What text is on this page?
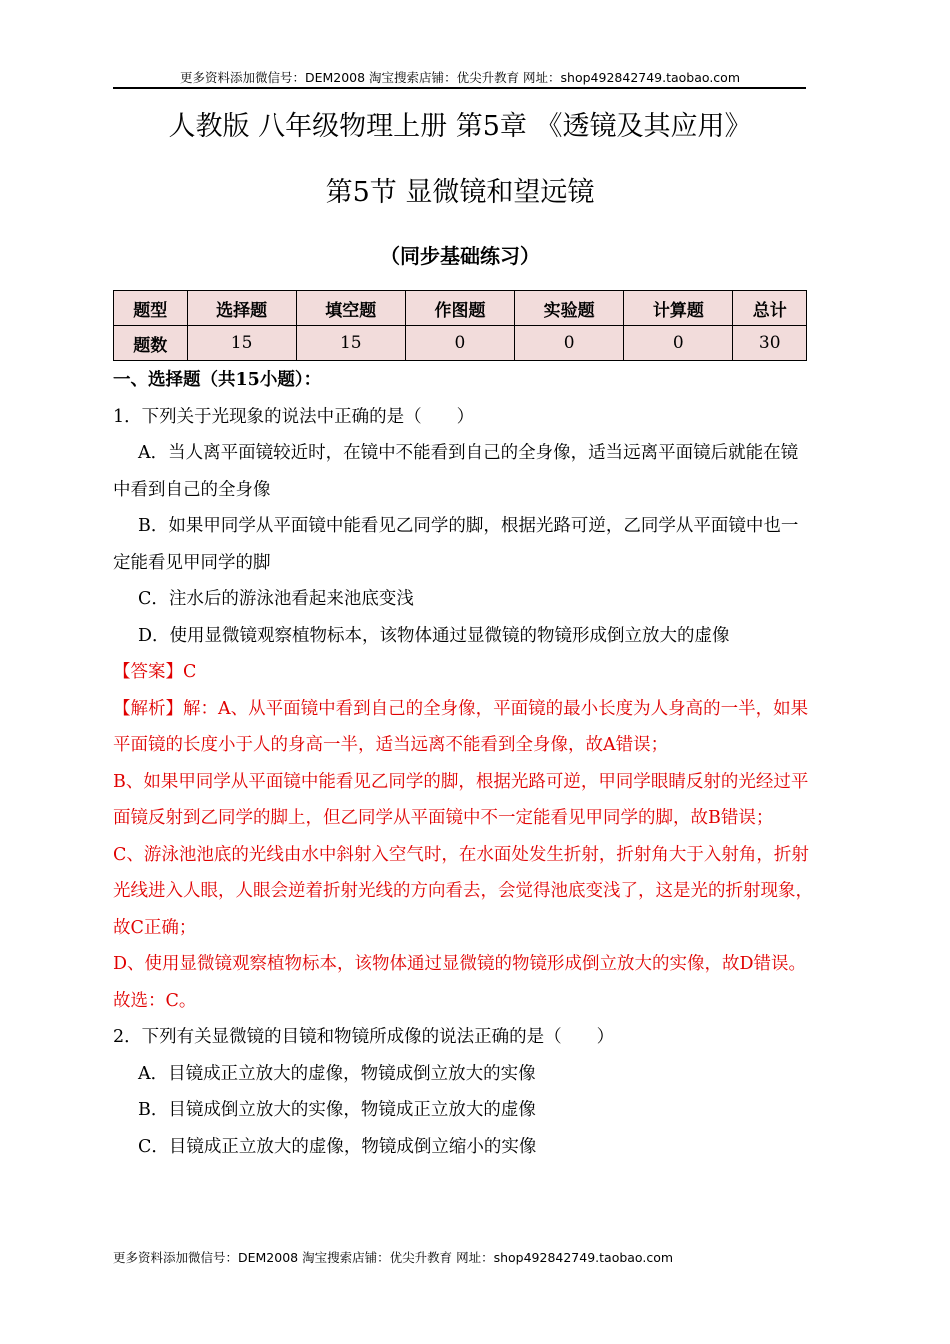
更多资料添加微信号：DEM2008 淘宝搜索店铺：优尖升教育 网址：shop492842749.taobao.com
人教版 八年级物理上册 第5章 《透镜及其应用》
第5节 显微镜和望远镜
（同步基础练习）
题型	选择题	填空题	作图题	实验题	计算题	总计
题数	15	15	0	0	0	30

一、选择题（共15小题）：

1．下列关于光现象的说法中正确的是（　　）

A．当人离平面镜较近时，在镜中不能看到自己的全身像，适当远离平面镜后就能在镜中看到自己的全身像

B．如果甲同学从平面镜中能看见乙同学的脚，根据光路可逆，乙同学从平面镜中也一定能看见甲同学的脚

C．注水后的游泳池看起来池底变浅

D．使用显微镜观察植物标本，该物体通过显微镜的物镜形成倒立放大的虚像

【答案】C

【解析】解：A、从平面镜中看到自己的全身像，平面镜的最小长度为人身高的一半，如果平面镜的长度小于人的身高一半，适当远离不能看到全身像，故A错误；

B、如果甲同学从平面镜中能看见乙同学的脚，根据光路可逆，甲同学眼睛反射的光经过平面镜反射到乙同学的脚上，但乙同学从平面镜中不一定能看见甲同学的脚，故B错误；

C、游泳池池底的光线由水中斜射入空气时，在水面处发生折射，折射角大于入射角，折射光线进入人眼，人眼会逆着折射光线的方向看去，会觉得池底变浅了，这是光的折射现象，故C正确；

D、使用显微镜观察植物标本，该物体通过显微镜的物镜形成倒立放大的实像，故D错误。

故选：C。

2．下列有关显微镜的目镜和物镜所成像的说法正确的是（　　）

A．目镜成正立放大的虚像，物镜成倒立放大的实像

B．目镜成倒立放大的实像，物镜成正立放大的虚像

C．目镜成正立放大的虚像，物镜成倒立缩小的实像

更多资料添加微信号：DEM2008 淘宝搜索店铺：优尖升教育 网址：shop492842749.taobao.com
